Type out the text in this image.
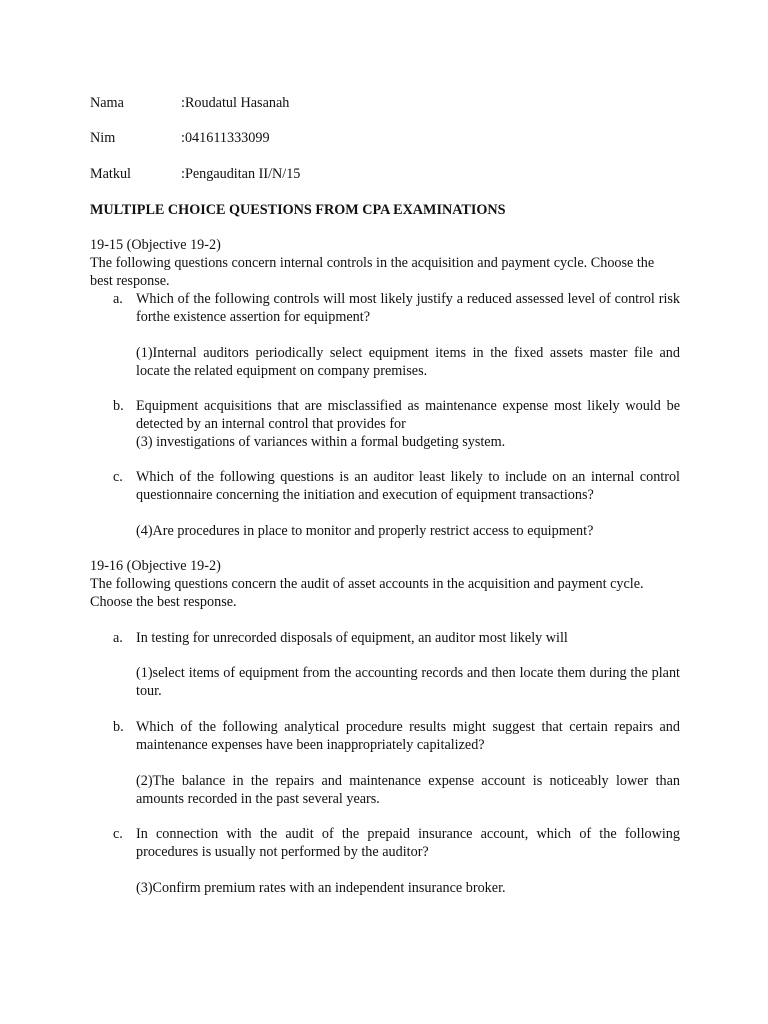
Nama	:Roudatul Hasanah
Nim	:041611333099
Matkul	:Pengauditan II/N/15
MULTIPLE CHOICE QUESTIONS FROM CPA EXAMINATIONS
19-15 (Objective 19-2)
The following questions concern internal controls in the acquisition and payment cycle. Choose the best response.
a. Which of the following controls will most likely justify a reduced assessed level of control risk forthe existence assertion for equipment?
(1)Internal auditors periodically select equipment items in the fixed assets master file and locate the related equipment on company premises.
b. Equipment acquisitions that are misclassified as maintenance expense most likely would be detected by an internal control that provides for
(3) investigations of variances within a formal budgeting system.
c. Which of the following questions is an auditor least likely to include on an internal control questionnaire concerning the initiation and execution of equipment transactions?
(4)Are procedures in place to monitor and properly restrict access to equipment?
19-16 (Objective 19-2)
The following questions concern the audit of asset accounts in the acquisition and payment cycle. Choose the best response.
a. In testing for unrecorded disposals of equipment, an auditor most likely will
(1)select items of equipment from the accounting records and then locate them during the plant tour.
b. Which of the following analytical procedure results might suggest that certain repairs and maintenance expenses have been inappropriately capitalized?
(2)The balance in the repairs and maintenance expense account is noticeably lower than amounts recorded in the past several years.
c. In connection with the audit of the prepaid insurance account, which of the following procedures is usually not performed by the auditor?
(3)Confirm premium rates with an independent insurance broker.
